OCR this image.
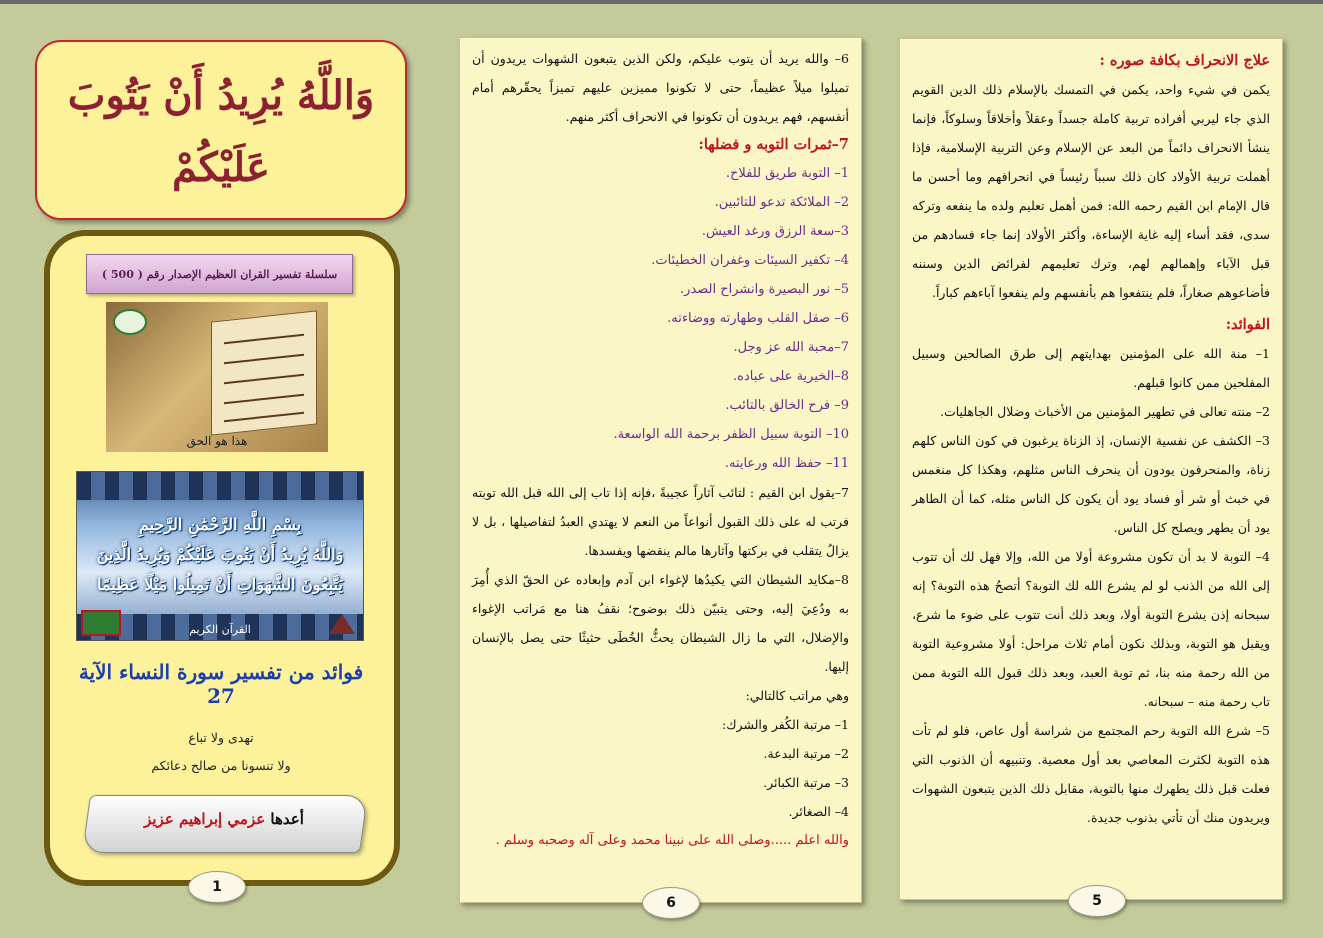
وَاللَّهُ يُرِيدُ أَنْ يَتُوبَ
عَلَيْكُمْ
سلسلة تفسير القران العظيم الإصدار رقم ( 500 )
هذا هو الحق
بِسْمِ اللَّهِ الرَّحْمَٰنِ الرَّحِيمِ
وَاللَّهُ يُرِيدُ أَنْ يَتُوبَ عَلَيْكُمْ وَيُرِيدُ الَّذِينَ
يَتَّبِعُونَ الشَّهَوَاتِ أَنْ تَمِيلُوا مَيْلًا عَظِيمًا
القرآن الكريم
فوائد من تفسير سورة النساء الآية 27
تهدى ولا تباع
ولا تنسونا من صالح دعائكم
أعدها عزمي إبراهيم عزيز
1

6– والله يريد أن يتوب عليكم، ولكن الذين يتبعون الشهوات يريدون أن تميلوا ميلاً عظيماً، حتى لا تكونوا مميزين عليهم تميزاً يحقّرهم أمام أنفسهم، فهم يريدون أن تكونوا في الانحراف أكثر منهم.

7–ثمرات التوبه و فضلها:

1– التوبة طريق للفلاح.

2– الملائكة تدعو للتائبين.

3–سعة الرزق ورغد العيش.

4– تكفير السيئات وغفران الخطيئات.

5– نور البصيرة وانشراح الصدر.

6– صقل القلب وطهارته ووضاءته.

7–محبة الله عز وجل.

8–الخيرية على عباده.

9– فرح الخالق بالتائب.

10– التوبة سبيل الظفر برحمة الله الواسعة.

11– حفظ الله ورعايته.

7–يقول ابن القيم : لتائب آثاراً عجيبةً ،فإنه إذا تاب إلى الله قبل الله توبته فرتب له على ذلك القبول أنواعاً من النعم لا يهتدي العبدُ لتفاصيلها ، بل لا يزالُ يتقلب في بركتها وآثارها مالم ينقضها ويفسدها.

8–مكايد الشيطان التي يكيدُها لإغواء ابن آدم وإبعاده عن الحقّ الذي أُمِرَ به ودُعِيَ إليه، وحتى يتبيّن ذلك بوضوح؛ نقفُ هنا مع مَراتب الإغواء والإضلال، التي ما زال الشيطان يحثُّ الخُطَى حثيثًا حتى يصل بالإنسان إليها.

وهي مراتب كالتالي:

1– مرتبة الكُفر والشرك:

2– مرتبة البدعة.

3– مرتبة الكبائر.

4– الصغائر.

والله اعلم .....وصلى الله على نبينا محمد وعلى آله وصحبه وسلم .

6

علاج الانحراف بكافة صوره :

يكمن في شيء واحد، يكمن في التمسك بالإسلام ذلك الدين القويم الذي جاء ليربي أفراده تربية كاملة جسداً وعقلاً وأخلاقاً وسلوكاً، فإنما ينشأ الانحراف دائماً من البعد عن الإسلام وعن التربية الإسلامية، فإذا أهملت تربية الأولاد كان ذلك سبباً رئيساً في انحرافهم وما أحسن ما قال الإمام ابن القيم رحمه الله: فمن أهمل تعليم ولده ما ينفعه وتركه سدى، فقد أساء إليه غاية الإساءة، وأكثر الأولاد إنما جاء فسادهم من قبل الآباء وإهمالهم لهم، وترك تعليمهم لفرائض الدين وسننه فأضاعوهم صغاراً، فلم ينتفعوا هم بأنفسهم ولم ينفعوا آباءهم كباراً.

الفوائد:

1– منة الله على المؤمنين بهدايتهم إلى طرق الصالحين وسبيل المفلحين ممن كانوا قبلهم.

2– منته تعالى في تطهير المؤمنين من الأخباث وضلال الجاهليات.

3– الكشف عن نفسية الإنسان، إذ الزناة يرغبون في كون الناس كلهم زناة، والمنحرفون يودون أن ينحرف الناس مثلهم، وهكذا كل منغمس في خبث أو شر أو فساد يود أن يكون كل الناس مثله، كما أن الطاهر يود أن يطهر ويصلح كل الناس.

4– التوبة لا بد أن تكون مشروعة أولا من الله، وإلا فهل لك أن تتوب إلى الله من الذنب لو لم يشرع الله لك التوبة؟ أتصحُ هذه التوبة؟ إنه سبحانه إذن يشرع التوبة أولا، وبعد ذلك أنت تتوب على ضوء ما شرع، ويقبل هو التوبة، وبذلك نكون أمام ثلاث مراحل: أولا مشروعية التوبة من الله رحمة منه بنا، ثم توبة العبد، وبعد ذلك قبول الله التوبة ممن تاب رحمة منه – سبحانه.

5– شرع الله التوبة رحم المجتمع من شراسة أول عاص، فلو لم تأت هذه التوبة لكثرت المعاصي بعد أول معصية. وتنبيهه أن الذنوب التي فعلت قبل ذلك يطهرك منها بالتوبة، مقابل ذلك الذين يتبعون الشهوات ويريدون منك أن تأتي بذنوب جديدة.

5
